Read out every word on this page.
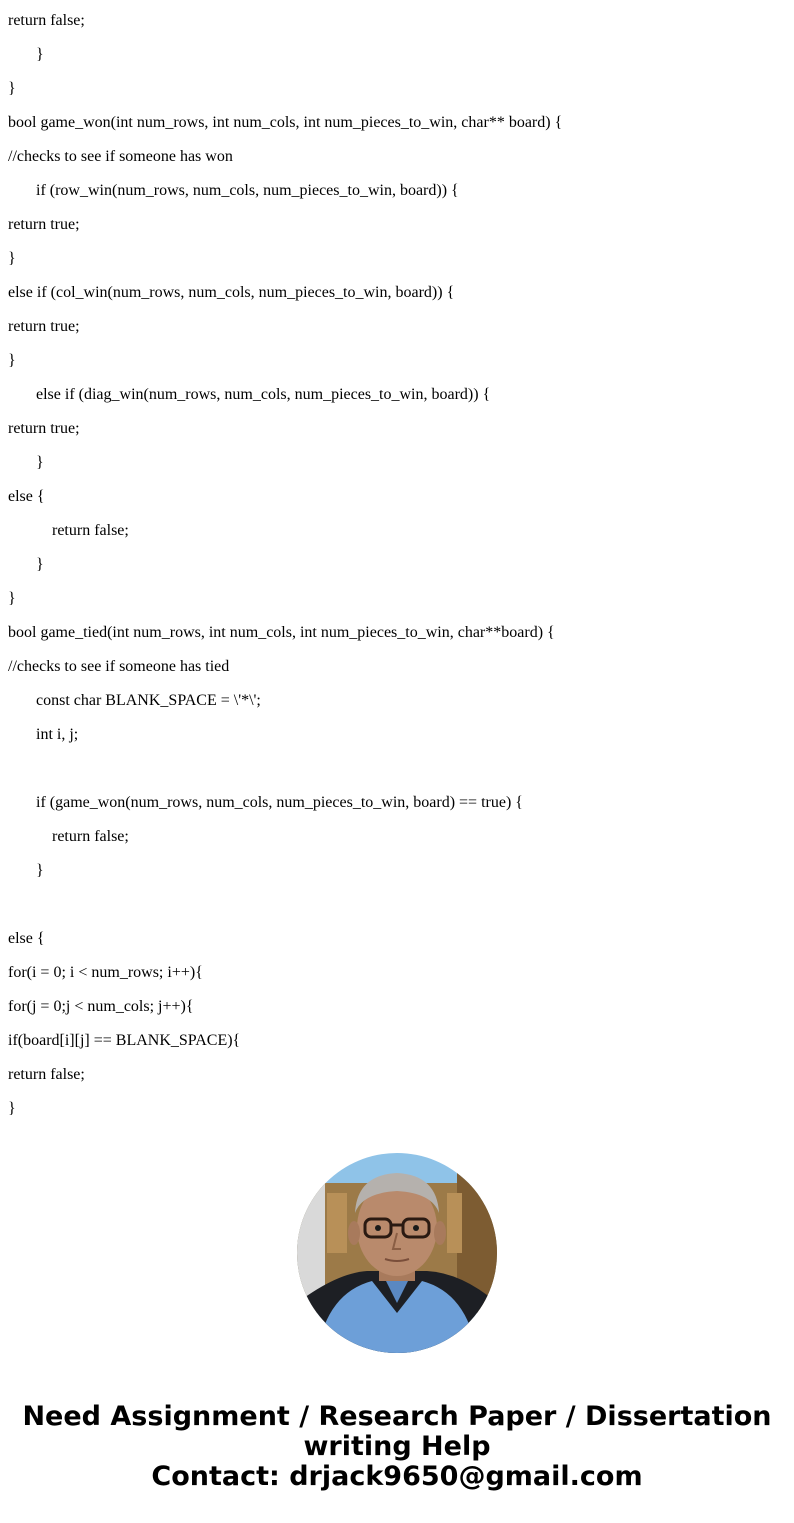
return false;
}
}
bool game_won(int num_rows, int num_cols, int num_pieces_to_win, char** board) {
//checks to see if someone has won
if (row_win(num_rows, num_cols, num_pieces_to_win, board)) {
return true;
}
else if (col_win(num_rows, num_cols, num_pieces_to_win, board)) {
return true;
}
else if (diag_win(num_rows, num_cols, num_pieces_to_win, board)) {
return true;
}
else {
return false;
}
}
bool game_tied(int num_rows, int num_cols, int num_pieces_to_win, char**board) {
//checks to see if someone has tied
const char BLANK_SPACE = \'*\';
int i, j;
if (game_won(num_rows, num_cols, num_pieces_to_win, board) == true) {
return false;
}
else {
for(i = 0; i < num_rows; i++){
for(j = 0;j < num_cols; j++){
if(board[i][j] == BLANK_SPACE){
return false;
}
Need Assignment / Research Paper / Dissertation
writing Help
Contact: drjack9650@gmail.com
